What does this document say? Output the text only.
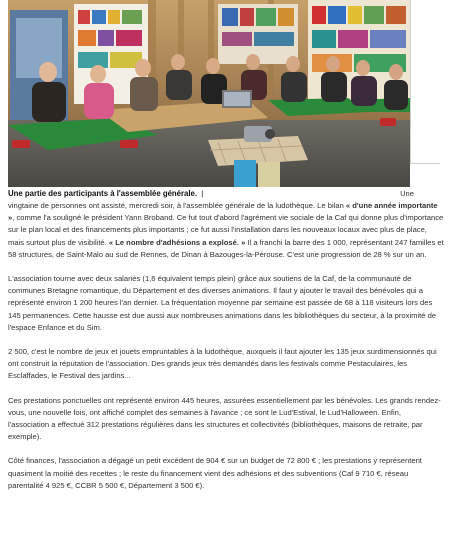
Une partie des participants à l'assemblée générale. |	Une

vingtaine de personnes ont assisté, mercredi soir, à l'assemblée générale de la ludothèque. Le bilan « d'une année importante », comme l'a souligné le président Yann Broband. Ce fut tout d'abord l'agrément vie sociale de la Caf qui donne plus d'importance sur le plan local et des financements plus importants ; ce fut aussi l'installation dans les nouveaux locaux avec plus de place, mais surtout plus de visibilité. « Le nombre d'adhésions a explosé. » Il a franchi la barre des 1 000, représentant 247 familles et 58 structures, de Saint-Malo au sud de Rennes, de Dinan à Bazouges-la-Pérouse. C'est une progression de 28 % sur un an.

L'association tourne avec deux salariés (1,6 équivalent temps plein) grâce aux soutiens de la Caf, de la communauté de communes Bretagne romantique, du Département et des diverses animations. Il faut y ajouter le travail des bénévoles qui a représenté environ 1 200 heures l'an dernier. La fréquentation moyenne par semaine est passée de 68 à 118 visiteurs lors des 145 permanences. Cette hausse est due aussi aux nombreuses animations dans les bibliothèques du secteur, à la proximité de l'espace Enfance et du Sim.

2 500, c'est le nombre de jeux et jouets empruntables à la ludothèque, auxquels il faut ajouter les 135 jeux surdimensionnés qui ont construit la réputation de l'association. Des grands jeux très demandés dans les festivals comme Pestaculaires, les Esclaffades, le Festival des jardins...

Ces prestations ponctuelles ont représenté environ 445 heures, assurées essentiellement par les bénévoles. Les grands rendez-vous, une nouvelle fois, ont affiché complet des semaines à l'avance ; ce sont le Lud'Estival, le Lud'Halloween. Enfin, l'association a effectué 312 prestations régulières dans les structures et collectivités (bibliothèques, maisons de retraite, par exemple).

Côté finances, l'association a dégagé un petit excédent de 904 € sur un budget de 72 800 € ; les prestations y représentent quasiment la moitié des recettes ; le reste du financement vient des adhésions et des subventions (Caf 9 710 €, réseau parentalité 4 925 €, CCBR 5 500 €, Département 3 500 €).
